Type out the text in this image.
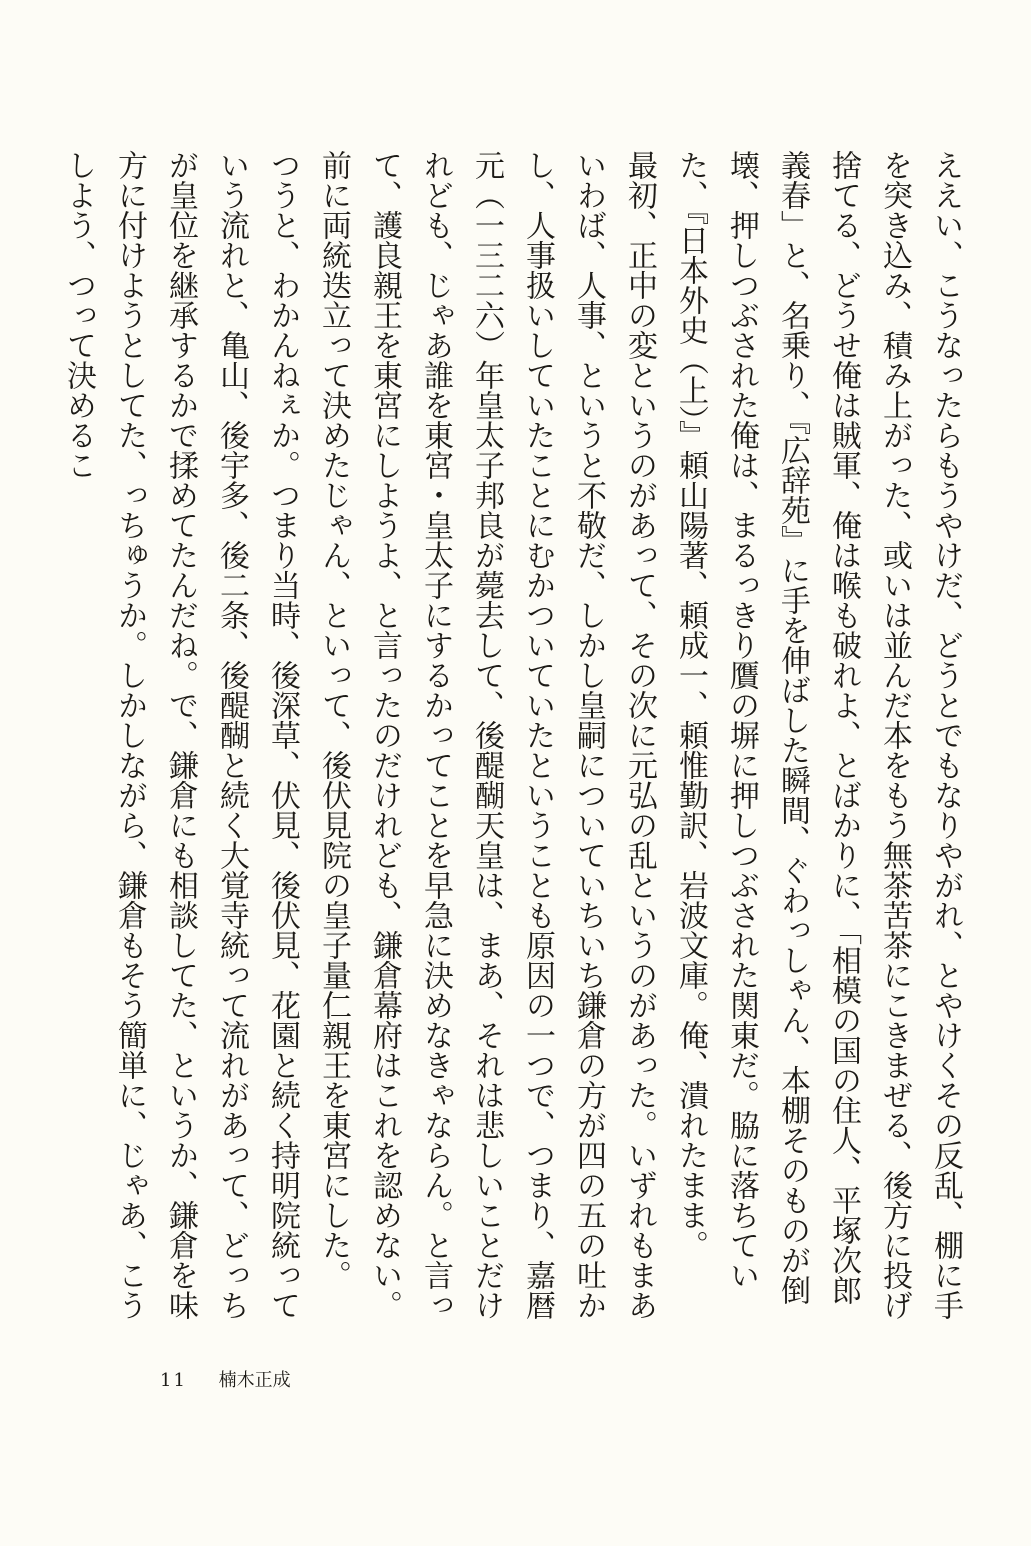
ええい、こうなったらもうやけだ、どうとでもなりやがれ、とやけくその反乱、棚に手を突き込み、積み上がった、或いは並んだ本をもう無茶苦茶にこきまぜる、後方に投げ捨てる、どうせ俺は賊軍、俺は喉も破れよ、とばかりに、「相模の国の住人、平塚次郎義春」と、名乗り、『広辞苑』に手を伸ばした瞬間、ぐわっしゃん、本棚そのものが倒壊、押しつぶされた俺は、まるっきり贋の塀に押しつぶされた関東だ。脇に落ちていた、『日本外史（上）』頼山陽著、頼成一、頼惟勤訳、岩波文庫。俺、潰れたまま。

最初、正中の変というのがあって、その次に元弘の乱というのがあった。いずれもまあいわば、人事、というと不敬だ、しかし皇嗣についていちいち鎌倉の方が四の五の吐かし、人事扱いしていたことにむかついていたということも原因の一つで、つまり、嘉暦元（一三二六）年皇太子邦良が薨去して、後醍醐天皇は、まあ、それは悲しいことだけれども、じゃあ誰を東宮・皇太子にするかってことを早急に決めなきゃならん。と言って、護良親王を東宮にしようよ、と言ったのだけれども、鎌倉幕府はこれを認めない。前に両統迭立って決めたじゃん、といって、後伏見院の皇子量仁親王を東宮にした。

つうと、わかんねぇか。つまり当時、後深草、伏見、後伏見、花園と続く持明院統っていう流れと、亀山、後宇多、後二条、後醍醐と続く大覚寺統って流れがあって、どっちが皇位を継承するかで揉めてたんだね。で、鎌倉にも相談してた、というか、鎌倉を味方に付けようとしてた、っちゅうか。しかしながら、鎌倉もそう簡単に、じゃあ、こうしよう、つって決めるこ

11 楠木正成
